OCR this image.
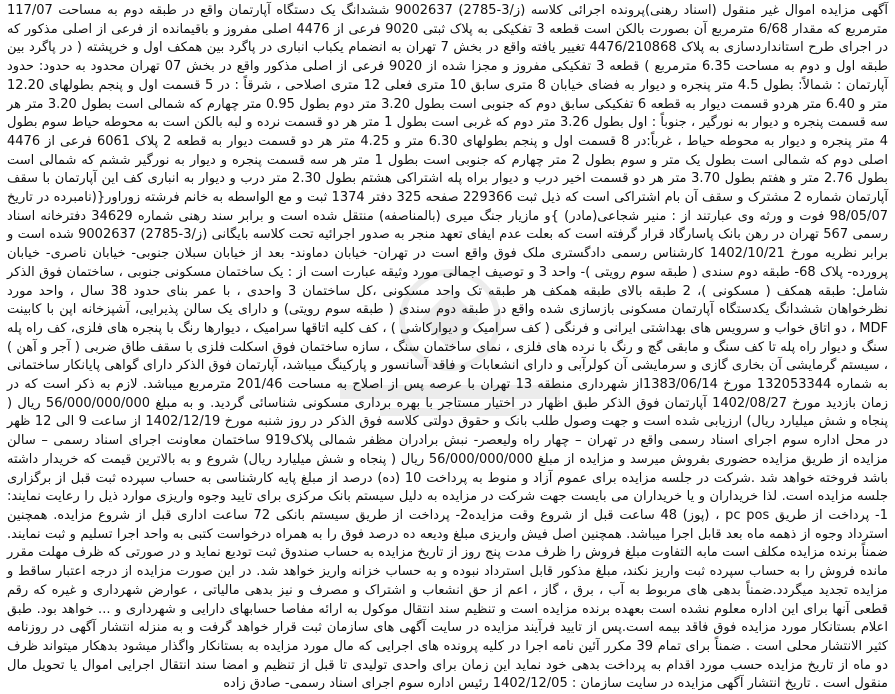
آگهی مزایده اموال غیر منقول (اسناد رهنی)پرونده اجرائی کلاسه (ز/3-2785) 9002637 ششدانگ یک دستگاه آپارتمان واقع در طبقه دوم به مساحت 117/07 مترمربع که مقدار 6/68 مترمربع آن بصورت بالکن است قطعه 3 تفکیکی به پلاک ثبتی 9020 فرعی از 4476 اصلی مفروز و باقیمانده از فرعی از اصلی مذکور که در اجرای طرح استانداردسازی به پلاک 4476/210868 تغییر یافته واقع در بخش 7 تهران به انضمام یکباب انباری در پاگرد بین همکف اول و خرپشته ( در پاگرد بین طبقه اول و دوم به مساحت 6.35 مترمربع ) قطعه 3 تفکیکی مفروز و مجزا شده از 9020 فرعی از اصلی مذکور واقع در بخش 07 تهران محدود به حدود: حدود آپارتمان : شمالاً: بطول 4.5 متر پنجره و دیوار به فضای خیابان 8 متری سابق 10 متری فعلی 12 متری اصلاحی ، شرقاً : در 5 قسمت اول و پنجم بطولهای 12.20 متر و 6.40 متر هردو قسمت دیوار به قطعه 6 تفکیکی سابق دوم که جنوبی است بطول 3.20 متر دوم بطول 0.95 متر چهارم که شمالی است بطول 3.20 متر هر سه قسمت پنجره و دیوار به نورگیر ، جنوباً : اول بطول 3.26 متر دوم که غربی است بطول 1 متر هر دو قسمت نرده و لبه بالکن است به محوطه حیاط سوم بطول 4 متر پنجره و دیوار به محوطه حیاط ، غرباً:در 8 قسمت اول و پنجم بطولهای 6.30 متر و 4.25 متر هر دو قسمت دیوار به قطعه 2 پلاک 6061 فرعی از 4476 اصلی دوم که شمالی است بطول یک متر و سوم بطول 2 متر چهارم که جنوبی است بطول 1 متر هر سه قسمت پنجره و دیوار به نورگیر ششم که شمالی است بطول 2.76 متر و هفتم بطول 3.70 متر هر دو قسمت اخیر درب و دیوار براه پله اشتراکی هشتم بطول 2.30 متر درب و دیوار به انباری کف این آپارتمان با سقف آپارتمان شماره 2 مشترک و سقف آن بام اشتراکی است که ذیل ثبت 229366 صفحه 325 دفتر 1374 ثبت و مع الواسطه به خانم فرشته زوراور{(نامبرده در تاریخ 98/05/07 فوت و ورثه وی عبارتند از : منیر شجاعی(مادر) }و مازیار جنگ میری (بالمناصفه) منتقل شده است و برابر سند رهنی شماره 34629 دفترخانه اسناد رسمی 567 تهران در رهن بانک پاسارگاد قرار گرفته است که بعلت عدم ایفای تعهد منجر به صدور اجرائیه تحت کلاسه بایگانی (ز/3-2785) 9002637 شده است و برابر نظریه مورخ 1402/10/21 کارشناس رسمی دادگستری ملک فوق واقع است در تهران- خیابان دماوند- بعد از خیابان سبلان جنوبی- خیابان ناصری- خیابان پرورده- پلاک 68- طبقه دوم سندی ( طبقه سوم رویتی )- واحد 3 و توصیف اجمالی مورد وثیقه عبارت است از : یک ساختمان مسکونی جنوبی ، ساختمان فوق الذکر شامل: طبقه همکف ( مسکونی )، 2 طبقه بالای طبقه همکف هر طبقه تک واحد مسکونی ،کل ساختمان 3 واحدی ، با عمر بنای حدود 38 سال ، واحد مورد نظرخواهان ششدانگ یکدستگاه آپارتمان مسکونی بازسازی شده واقع در طبقه دوم سندی ( طبقه سوم رویتی) و دارای یک سالن پذیرایی، آشپزخانه اپن با کابینت MDF ، دو اتاق خواب و سرویس های بهداشتی ایرانی و فرنگی ( کف سرامیک و دیوارکاشی ) ، کف کلیه اتاقها سرامیک ، دیوارها رنگ با پنجره های فلزی، کف راه پله سنگ و دیوار راه پله تا کف سنگ و مابقی گچ و رنگ با نرده های فلزی ، نمای ساختمان سنگ ، سازه ساختمان فوق اسکلت فلزی با سقف طاق ضربی ( آجر و آهن ) ، سیستم گرمایشی آن بخاری گازی و سرمایشی آن کولرآبی و دارای انشعابات و فاقد آسانسور و پارکینگ میباشد، آپارتمان فوق الذکر دارای گواهی پایانکار ساختمانی به شماره 132053344 مورخ 1383/06/14از شهرداری منطقه 13 تهران با عرصه پس از اصلاح به مساحت 201/46 مترمربع میباشد. لازم به ذکر است که در زمان بازدید مورخ 1402/08/27 آپارتمان فوق الذکر طبق اظهار در اختیار مستاجر با بهره برداری مسکونی شناسائی گردید. و به مبلغ 56/000/000/000 ریال ( پنجاه و شش میلیارد ریال) ارزیابی شده است و جهت وصول طلب بانک و حقوق دولتی کلاسه فوق الذکر در روز شنبه مورخ 1402/12/19 از ساعت 9 الی 12 ظهر در محل اداره سوم اجرای اسناد رسمی واقع در تهران – چهار راه ولیعصر- نبش برادران مظفر شمالی پلاک919 ساختمان معاونت اجرای اسناد رسمی – سالن مزایده از طریق مزایده حضوری بفروش میرسد و مزایده از مبلغ 56/000/000/000 ریال ( پنجاه و شش میلیارد ریال) شروع و به بالاترین قیمت که خریدار داشته باشد فروخته خواهد شد .شرکت در جلسه مزایده برای عموم آزاد و منوط به پرداخت 10 (ده) درصد از مبلغ پایه کارشناسی به حساب سپرده ثبت قبل از برگزاری جلسه مزایده است. لذا خریداران و یا خریداران می بایست جهت شرکت در مزایده به دلیل سیستم بانک مرکزی برای تایید وجوه واریزی موارد ذیل را رعایت نمایند: 1- پرداخت از طریق pc pos ، (پوز) 48 ساعت قبل از شروع وقت مزایده2- پرداخت از طریق سیستم بانکی 72 ساعت اداری قبل از شروع مزایده. همچنین استرداد وجوه از ذهمه ماه بعد قابل اجرا میباشد. همچنین اصل فیش واریزی مبلغ ودیعه ده درصد فوق را به همراه درخواست کتبی به واحد اجرا تسلیم و ثبت نمایند. ضمناً برنده مزایده مکلف است مابه التفاوت مبلغ فروش را ظرف مدت پنج روز از تاریخ مزایده به حساب صندوق ثبت تودیع نماید و در صورتی که ظرف مهلت مقرر مانده فروش را به حساب سپرده ثبت واریز نکند، مبلغ مذکور قابل استرداد نبوده و به حساب خزانه واریز خواهد شد. در این صورت مزایده از درجه اعتبار ساقط و مزایده تجدید میگردد.ضمناً بدهی های مربوط به آب ، برق ، گاز ، اعم از حق انشعاب و اشتراک و مصرف و نیز بدهی مالیاتی ، عوارض شهرداری و غیره که رقم قطعی آنها برای این اداره معلوم نشده است بعهده برنده مزایده است و تنظیم سند انتقال موکول به ارائه مفاصا حسابهای دارایی و شهرداری و ... خواهد بود. طبق اعلام بستانکار مورد مزایده فوق فاقد بیمه است.پس از تایید فرآیند مزایده در سایت آگهی های سازمان ثبت قرار خواهد گرفت و به منزله انتشار آگهی در روزنامه کثیر الانتشار محلی است . ضمناً برای تمام 39 مکرر آئین نامه اجرا در کلیه پرونده های اجرایی که مال مورد مزایده به بستانکار واگذار میشود بدهکار میتواند ظرف دو ماه از تاریخ مزایده حسب مورد اقدام به پرداخت بدهی خود نماید این زمان برای واحدی تولیدی تا قبل از تنظیم و امضا سند انتقال اجرایی اموال یا تحویل مال منقول است . تاریخ انتشار آگهی مزایده در سایت سازمان : 1402/12/05 رئیس اداره سوم اجرای اسناد رسمی- صادق زاده
